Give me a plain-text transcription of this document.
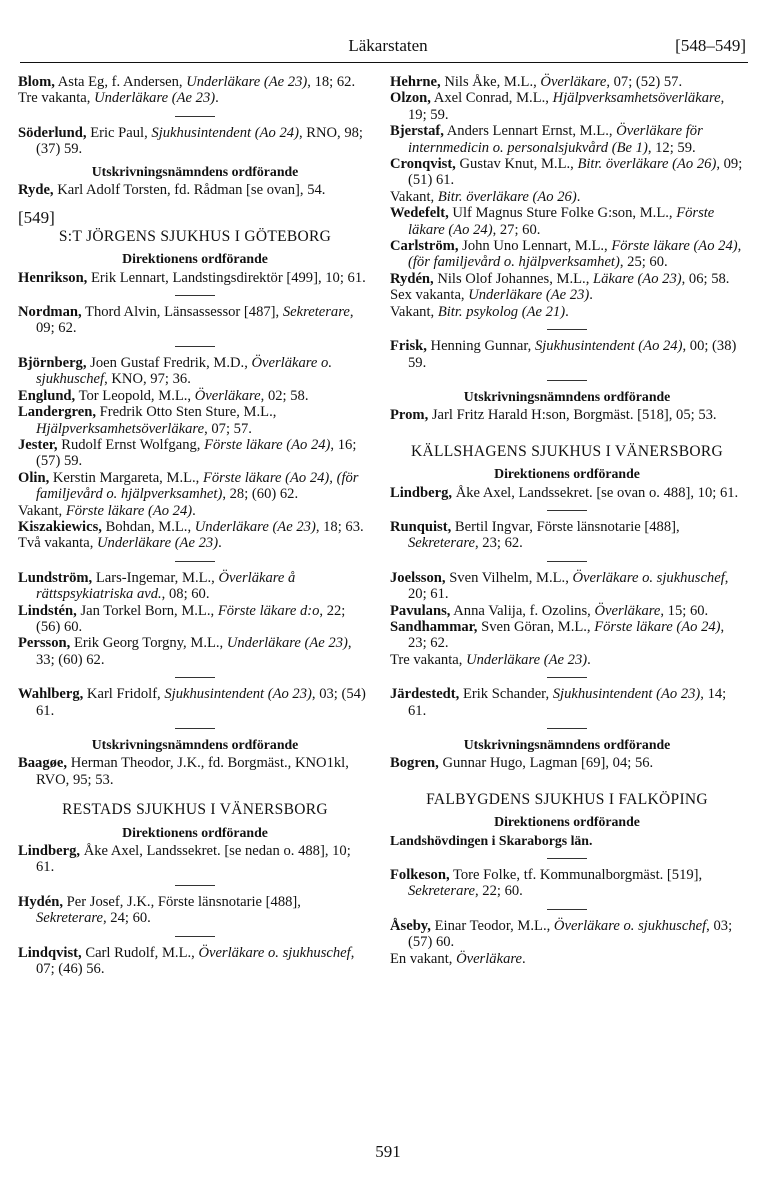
Läkarstaten	[548–549]

Blom, Asta Eg, f. Andersen, Underläkare (Ae 23), 18; 62.

Tre vakanta, Underläkare (Ae 23).

Söderlund, Eric Paul, Sjukhusintendent (Ao 24), RNO, 98; (37) 59.

Utskrivningsnämndens ordförande

Ryde, Karl Adolf Torsten, fd. Rådman [se ovan], 54.

[549]
S:T JÖRGENS SJUKHUS I GÖTEBORG
Direktionens ordförande

Henrikson, Erik Lennart, Landstingsdirektör [499], 10; 61.

Nordman, Thord Alvin, Länsassessor [487], Sekreterare, 09; 62.

Björnberg, Joen Gustaf Fredrik, M.D., Överläkare o. sjukhuschef, KNO, 97; 36.

Englund, Tor Leopold, M.L., Överläkare, 02; 58.

Landergren, Fredrik Otto Sten Sture, M.L., Hjälpverksamhetsöverläkare, 07; 57.

Jester, Rudolf Ernst Wolfgang, Förste läkare (Ao 24), 16; (57) 59.

Olin, Kerstin Margareta, M.L., Förste läkare (Ao 24), (för familjevård o. hjälpverksamhet), 28; (60) 62.

Vakant, Förste läkare (Ao 24).

Kiszakiewics, Bohdan, M.L., Underläkare (Ae 23), 18; 63.

Två vakanta, Underläkare (Ae 23).

Lundström, Lars-Ingemar, M.L., Överläkare å rättspsykiatriska avd., 08; 60.

Lindstén, Jan Torkel Born, M.L., Förste läkare d:o, 22; (56) 60.

Persson, Erik Georg Torgny, M.L., Underläkare (Ae 23), 33; (60) 62.

Wahlberg, Karl Fridolf, Sjukhusintendent (Ao 23), 03; (54) 61.

Utskrivningsnämndens ordförande

Baagøe, Herman Theodor, J.K., fd. Borgmäst., KNO1kl, RVO, 95; 53.

RESTADS SJUKHUS I VÄNERSBORG
Direktionens ordförande

Lindberg, Åke Axel, Landssekret. [se nedan o. 488], 10; 61.

Hydén, Per Josef, J.K., Förste länsnotarie [488], Sekreterare, 24; 60.

Lindqvist, Carl Rudolf, M.L., Överläkare o. sjukhuschef, 07; (46) 56.

Hehrne, Nils Åke, M.L., Överläkare, 07; (52) 57.

Olzon, Axel Conrad, M.L., Hjälpverksamhetsöverläkare, 19; 59.

Bjerstaf, Anders Lennart Ernst, M.L., Överläkare för internmedicin o. personalsjukvård (Be 1), 12; 59.

Cronqvist, Gustav Knut, M.L., Bitr. överläkare (Ao 26), 09; (51) 61.

Vakant, Bitr. överläkare (Ao 26).

Wedefelt, Ulf Magnus Sture Folke G:son, M.L., Förste läkare (Ao 24), 27; 60.

Carlström, John Uno Lennart, M.L., Förste läkare (Ao 24), (för familjevård o. hjälpverksamhet), 25; 60.

Rydén, Nils Olof Johannes, M.L., Läkare (Ao 23), 06; 58.

Sex vakanta, Underläkare (Ae 23).

Vakant, Bitr. psykolog (Ae 21).

Frisk, Henning Gunnar, Sjukhusintendent (Ao 24), 00; (38) 59.

Utskrivningsnämndens ordförande

Prom, Jarl Fritz Harald H:son, Borgmäst. [518], 05; 53.

KÄLLSHAGENS SJUKHUS I VÄNERSBORG
Direktionens ordförande

Lindberg, Åke Axel, Landssekret. [se ovan o. 488], 10; 61.

Runquist, Bertil Ingvar, Förste länsnotarie [488], Sekreterare, 23; 62.

Joelsson, Sven Vilhelm, M.L., Överläkare o. sjukhuschef, 20; 61.

Pavulans, Anna Valija, f. Ozolins, Överläkare, 15; 60.

Sandhammar, Sven Göran, M.L., Förste läkare (Ao 24), 23; 62.

Tre vakanta, Underläkare (Ae 23).

Järdestedt, Erik Schander, Sjukhusintendent (Ao 23), 14; 61.

Utskrivningsnämndens ordförande

Bogren, Gunnar Hugo, Lagman [69], 04; 56.

FALBYGDENS SJUKHUS I FALKÖPING
Direktionens ordförande

Landshövdingen i Skaraborgs län.

Folkeson, Tore Folke, tf. Kommunalborgmäst. [519], Sekreterare, 22; 60.

Åseby, Einar Teodor, M.L., Överläkare o. sjukhuschef, 03; (57) 60.

En vakant, Överläkare.

591
